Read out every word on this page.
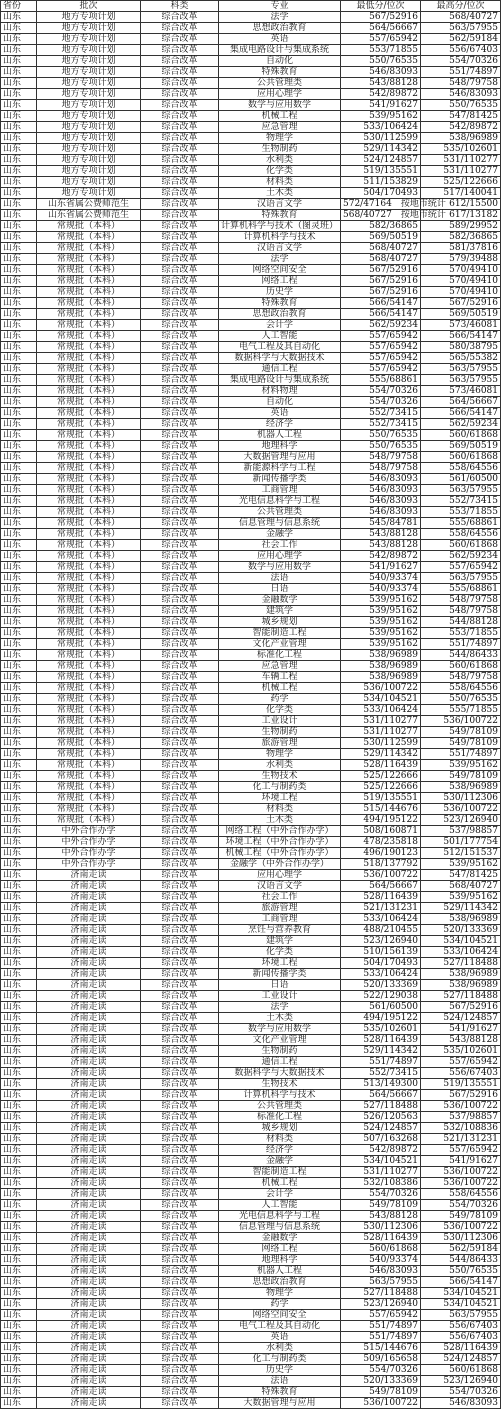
省份	批次	科类	专业	最低分/位次	最高分/位次
山东	地方专项计划	综合改革	法学	567/52916	568/40727
山东	地方专项计划	综合改革	思想政治教育	564/56667	563/57955
山东	地方专项计划	综合改革	英语	557/65942	562/59184
山东	地方专项计划	综合改革	集成电路设计与集成系统	553/71855	556/67403
山东	地方专项计划	综合改革	自动化	550/76535	554/70326
山东	地方专项计划	综合改革	特殊教育	546/83093	551/74897
山东	地方专项计划	综合改革	公共管理类	543/88128	548/79758
山东	地方专项计划	综合改革	应用心理学	542/89872	546/83093
山东	地方专项计划	综合改革	数学与应用数学	541/91627	550/76535
山东	地方专项计划	综合改革	机械工程	539/95162	547/81425
山东	地方专项计划	综合改革	应急管理	533/106424	542/89872
山东	地方专项计划	综合改革	物理学	530/112599	538/96989
山东	地方专项计划	综合改革	生物制药	529/114342	535/102601
山东	地方专项计划	综合改革	水利类	524/124857	531/110277
山东	地方专项计划	综合改革	化学类	519/135551	531/110277
山东	地方专项计划	综合改革	材料类	511/153829	525/122666
山东	地方专项计划	综合改革	土木类	504/170493	517/140041
山东	山东省属公费师范生	综合改革	汉语言文学	572/47164　按地市统计	612/15500
山东	山东省属公费师范生	综合改革	特殊教育	568/40727　按地市统计	617/13182
山东	常规批（本科）	综合改革	计算机科学与技术（图灵班）	582/36865	589/29952
山东	常规批（本科）	综合改革	计算机科学与技术	569/50519	582/36865
山东	常规批（本科）	综合改革	汉语言文学	568/40727	581/37816
山东	常规批（本科）	综合改革	法学	568/40727	579/39488
山东	常规批（本科）	综合改革	网络空间安全	567/52916	570/49410
山东	常规批（本科）	综合改革	网络工程	567/52916	570/49410
山东	常规批（本科）	综合改革	历史学	567/52916	570/49410
山东	常规批（本科）	综合改革	特殊教育	566/54147	567/52916
山东	常规批（本科）	综合改革	思想政治教育	566/54147	569/50519
山东	常规批（本科）	综合改革	会计学	562/59234	573/46081
山东	常规批（本科）	综合改革	人工智能	557/65942	566/54147
山东	常规批（本科）	综合改革	电气工程及其自动化	557/65942	580/38795
山东	常规批（本科）	综合改革	数据科学与大数据技术	557/65942	565/55382
山东	常规批（本科）	综合改革	通信工程	557/65942	563/57955
山东	常规批（本科）	综合改革	集成电路设计与集成系统	555/68861	563/57955
山东	常规批（本科）	综合改革	材料物理	554/70326	573/46081
山东	常规批（本科）	综合改革	自动化	554/70326	564/56667
山东	常规批（本科）	综合改革	英语	552/73415	566/54147
山东	常规批（本科）	综合改革	经济学	552/73415	562/59234
山东	常规批（本科）	综合改革	机器人工程	550/76535	560/61868
山东	常规批（本科）	综合改革	地理科学	550/76535	569/50519
山东	常规批（本科）	综合改革	大数据管理与应用	548/79758	560/61868
山东	常规批（本科）	综合改革	新能源科学与工程	548/79758	558/64556
山东	常规批（本科）	综合改革	新闻传播学类	546/83093	561/60500
山东	常规批（本科）	综合改革	工商管理	546/83093	563/57955
山东	常规批（本科）	综合改革	光电信息科学与工程	546/83093	552/73415
山东	常规批（本科）	综合改革	公共管理类	546/83093	553/71855
山东	常规批（本科）	综合改革	信息管理与信息系统	545/84781	555/68861
山东	常规批（本科）	综合改革	金融学	543/88128	558/64556
山东	常规批（本科）	综合改革	社会工作	543/88128	560/61868
山东	常规批（本科）	综合改革	应用心理学	542/89872	562/59234
山东	常规批（本科）	综合改革	数学与应用数学	541/91627	557/65942
山东	常规批（本科）	综合改革	法语	540/93374	563/57955
山东	常规批（本科）	综合改革	日语	540/93374	555/68861
山东	常规批（本科）	综合改革	金融数学	539/95162	548/79758
山东	常规批（本科）	综合改革	建筑学	539/95162	548/79758
山东	常规批（本科）	综合改革	城乡规划	539/95162	544/88128
山东	常规批（本科）	综合改革	智能制造工程	539/95162	553/71855
山东	常规批（本科）	综合改革	文化产业管理	539/95162	551/74897
山东	常规批（本科）	综合改革	标准化工程	538/96989	544/86433
山东	常规批（本科）	综合改革	应急管理	538/96989	560/61868
山东	常规批（本科）	综合改革	车辆工程	538/96989	548/79758
山东	常规批（本科）	综合改革	机械工程	536/100722	558/64556
山东	常规批（本科）	综合改革	药学	534/104521	550/76535
山东	常规批（本科）	综合改革	化学类	533/106424	555/71855
山东	常规批（本科）	综合改革	工业设计	531/110277	536/100722
山东	常规批（本科）	综合改革	生物制药	531/110277	549/78109
山东	常规批（本科）	综合改革	旅游管理	530/112599	549/78109
山东	常规批（本科）	综合改革	物理学	529/114342	551/74897
山东	常规批（本科）	综合改革	水利类	528/116439	539/95162
山东	常规批（本科）	综合改革	生物技术	525/122666	549/78109
山东	常规批（本科）	综合改革	化工与制药类	525/122666	538/96989
山东	常规批（本科）	综合改革	环境工程	519/135551	530/112306
山东	常规批（本科）	综合改革	材料类	515/144676	536/100722
山东	常规批（本科）	综合改革	土木类	494/195122	523/126940
山东	中外合作办学	综合改革	网络工程（中外合作办学）	508/160871	537/98857
山东	中外合作办学	综合改革	环境工程（中外合作办学）	478/235818	501/177754
山东	中外合作办学	综合改革	机械工程（中外合作办学）	496/190123	512/151537
山东	中外合作办学	综合改革	金融学（中外合作办学）	518/137792	539/95162
山东	济南走读	综合改革	应用心理学	536/100722	547/81425
山东	济南走读	综合改革	汉语言文学	564/56667	568/40727
山东	济南走读	综合改革	社会工作	528/116439	539/95162
山东	济南走读	综合改革	旅游管理	521/131231	529/114342
山东	济南走读	综合改革	工商管理	533/106424	538/96989
山东	济南走读	综合改革	烹饪与营养教育	488/210455	520/133369
山东	济南走读	综合改革	建筑学	523/126940	534/104521
山东	济南走读	综合改革	化学类	510/156139	533/106424
山东	济南走读	综合改革	环境工程	504/170493	527/118488
山东	济南走读	综合改革	新闻传播学类	533/106424	538/96989
山东	济南走读	综合改革	日语	520/133369	538/96989
山东	济南走读	综合改革	工业设计	522/129038	527/118488
山东	济南走读	综合改革	法学	561/60500	567/52916
山东	济南走读	综合改革	土木类	494/195122	524/124857
山东	济南走读	综合改革	数学与应用数学	535/102601	541/91627
山东	济南走读	综合改革	文化产业管理	528/116439	543/88128
山东	济南走读	综合改革	生物制药	529/114342	535/102601
山东	济南走读	综合改革	通信工程	551/74897	557/65942
山东	济南走读	综合改革	数据科学与大数据技术	552/73415	556/67403
山东	济南走读	综合改革	生物技术	513/149300	519/135551
山东	济南走读	综合改革	计算机科学与技术	564/56667	567/52916
山东	济南走读	综合改革	公共管理类	527/118488	536/100722
山东	济南走读	综合改革	标准化工程	526/120563	537/98857
山东	济南走读	综合改革	城乡规划	524/124857	532/108836
山东	济南走读	综合改革	材料类	507/163268	521/131231
山东	济南走读	综合改革	经济学	542/89872	557/65942
山东	济南走读	综合改革	金融学	534/104521	541/91627
山东	济南走读	综合改革	智能制造工程	531/110277	536/100722
山东	济南走读	综合改革	机械工程	532/108386	536/100722
山东	济南走读	综合改革	会计学	554/70326	558/64556
山东	济南走读	综合改革	人工智能	549/78109	554/70326
山东	济南走读	综合改革	光电信息科学与工程	543/88128	549/78109
山东	济南走读	综合改革	信息管理与信息系统	530/112306	536/100722
山东	济南走读	综合改革	金融数学	528/116439	530/112306
山东	济南走读	综合改革	网络工程	560/61868	562/59184
山东	济南走读	综合改革	地理科学	540/93374	544/86433
山东	济南走读	综合改革	机器人工程	546/83093	550/76535
山东	济南走读	综合改革	思想政治教育	563/57955	566/54147
山东	济南走读	综合改革	物理学	527/118488	534/104521
山东	济南走读	综合改革	药学	523/126940	534/104521
山东	济南走读	综合改革	网络空间安全	557/65942	563/57955
山东	济南走读	综合改革	电气工程及其自动化	551/74897	556/67403
山东	济南走读	综合改革	英语	551/74897	556/67403
山东	济南走读	综合改革	水利类	515/144676	528/116439
山东	济南走读	综合改革	化工与制药类	509/165658	524/124857
山东	济南走读	综合改革	历史学	554/70326	560/61868
山东	济南走读	综合改革	法语	520/133369	523/126940
山东	济南走读	综合改革	特殊教育	549/78109	554/70326
山东	济南走读	综合改革	大数据管理与应用	536/100722	546/83093
